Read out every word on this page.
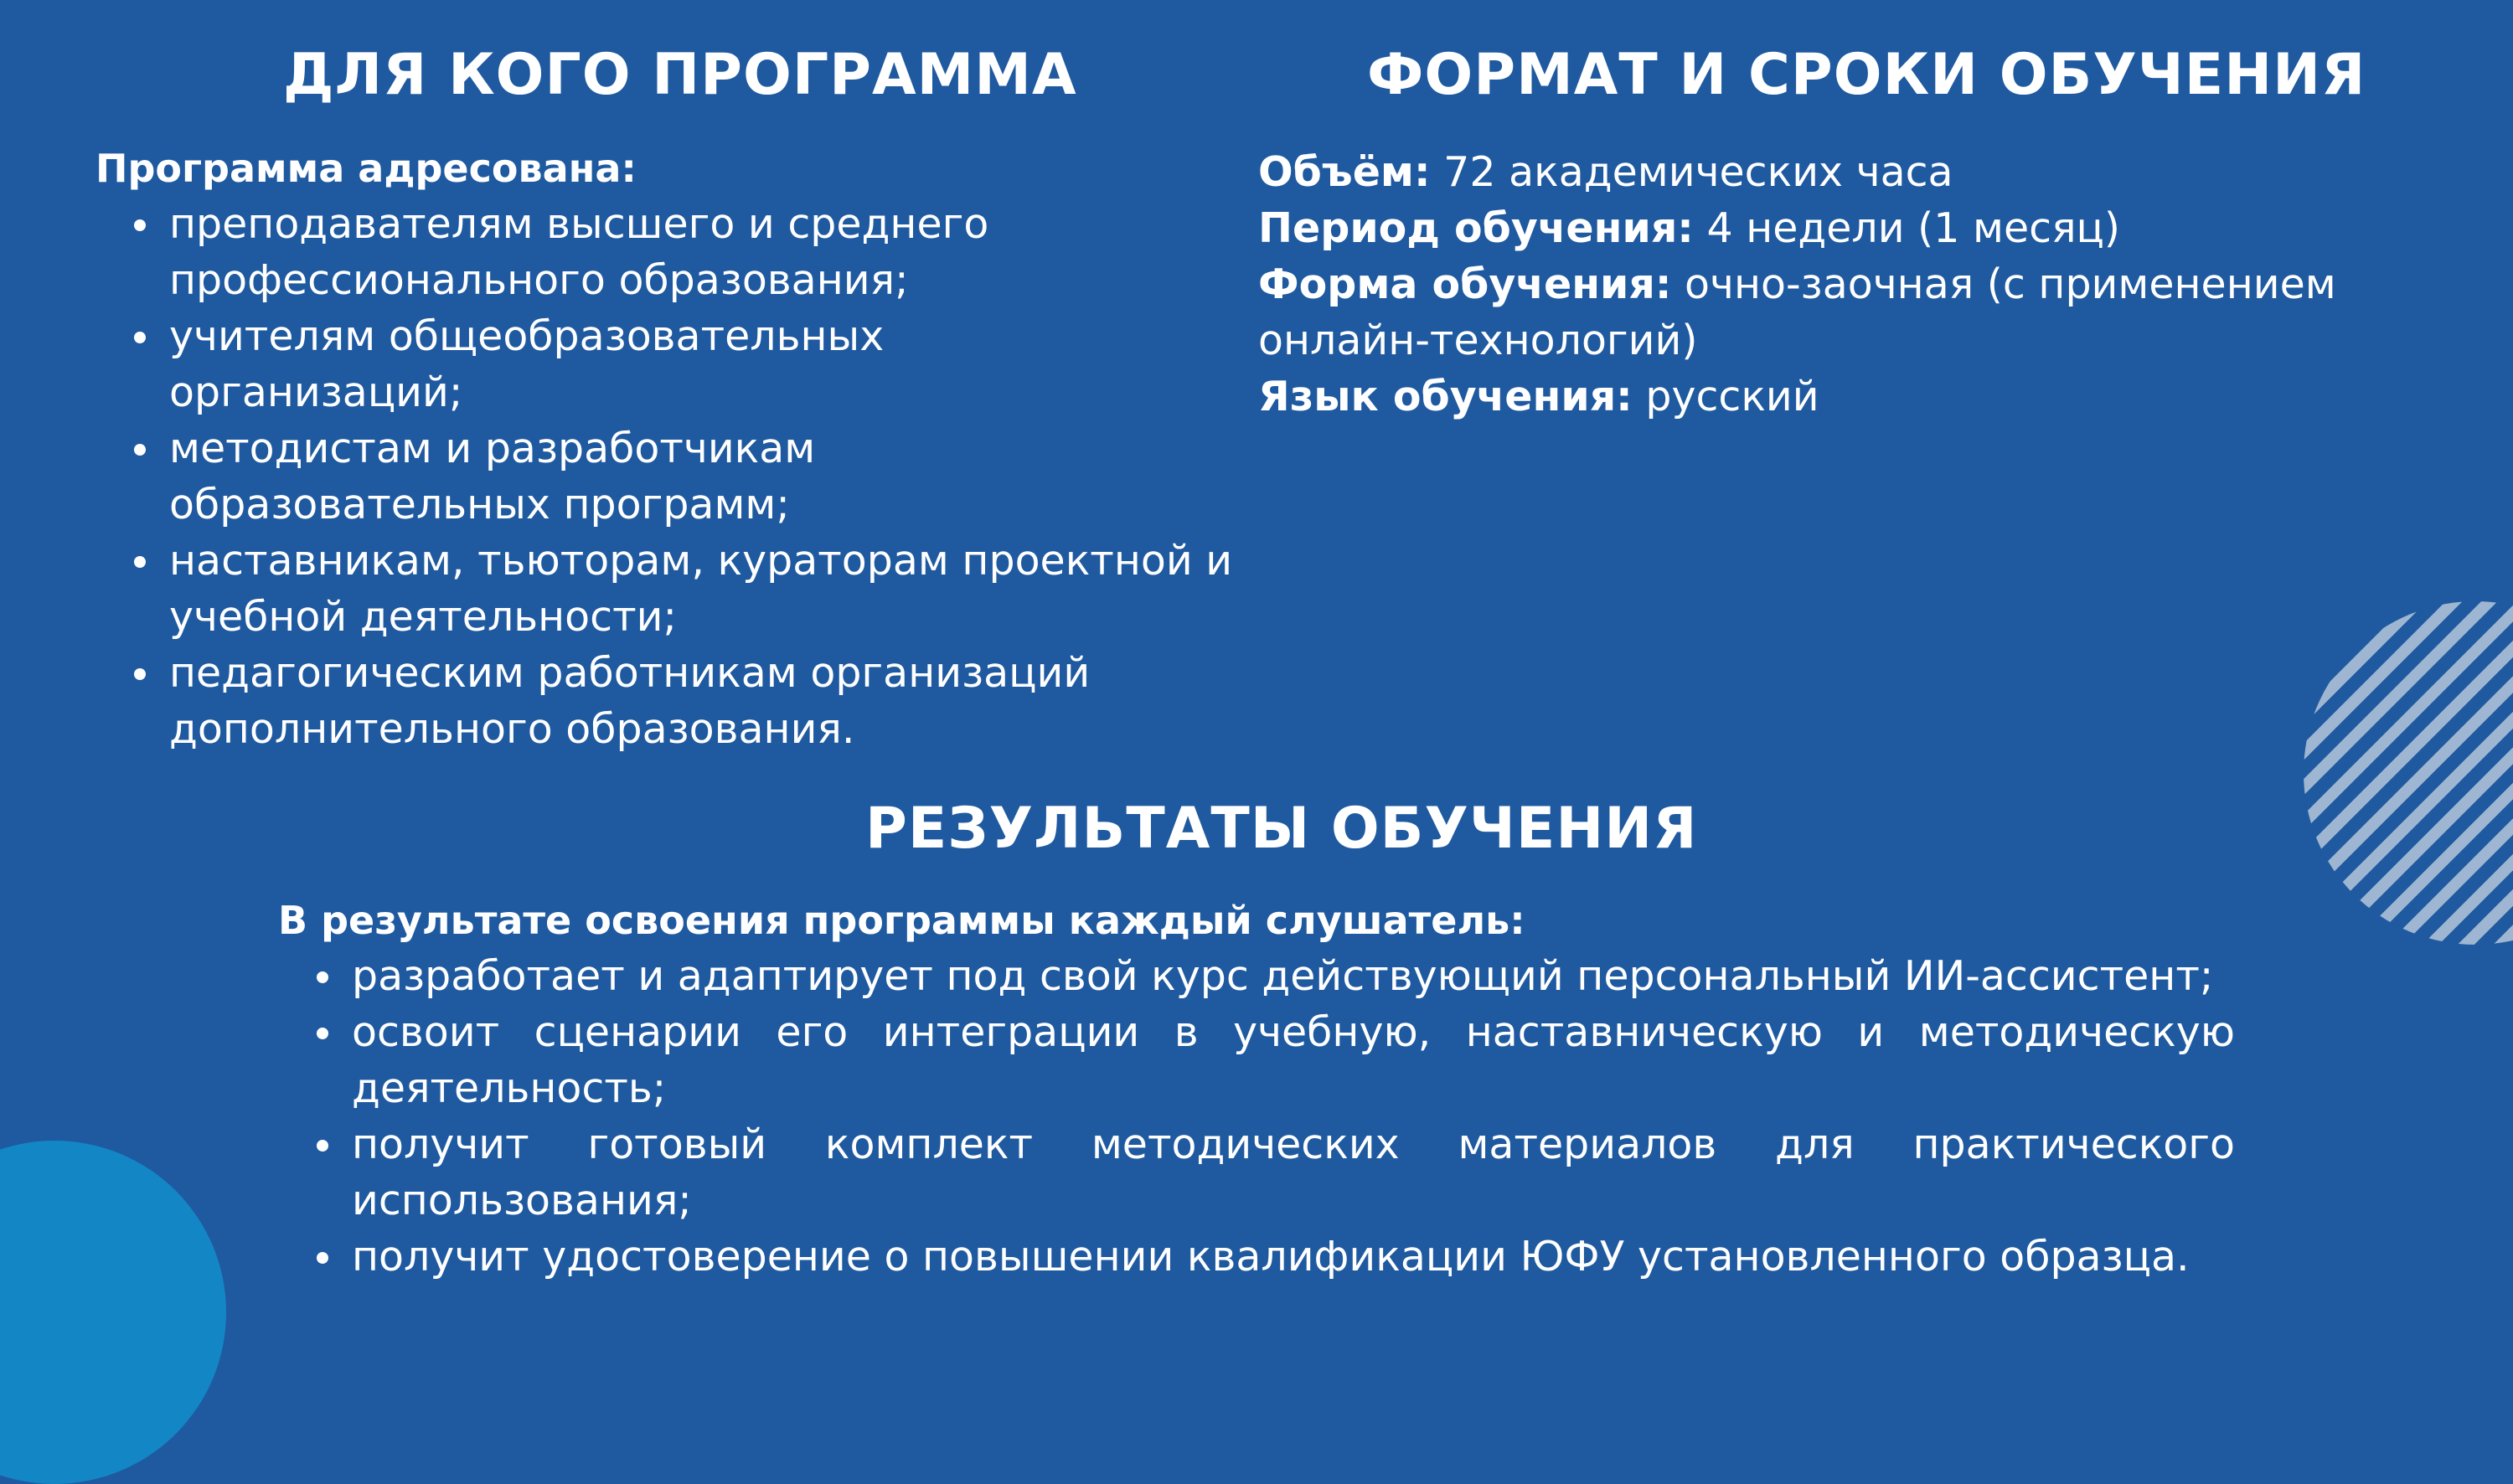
ДЛЯ КОГО ПРОГРАММА

Программа адресована:

преподавателям высшего и среднего профессионального образования;
учителям общеобразовательных организаций;
методистам и разработчикам образовательных программ;
наставникам, тьюторам, кураторам проектной и учебной деятельности;
педагогическим работникам организаций дополнительного образования.
ФОРМАТ И СРОКИ ОБУЧЕНИЯ
Объём: 72 академических часа
Период обучения: 4 недели (1 месяц)
Форма обучения: очно-заочная (с применением
онлайн-технологий)
Язык обучения: русский
РЕЗУЛЬТАТЫ ОБУЧЕНИЯ

В результате освоения программы каждый слушатель:

разработает и адаптирует под свой курс действующий персональный ИИ-ассистент;
освоит сценарии его интеграции в учебную, наставническую и методическую деятельность;
получит готовый комплект методических материалов для практического использования;
получит удостоверение о повышении квалификации ЮФУ установленного образца.
